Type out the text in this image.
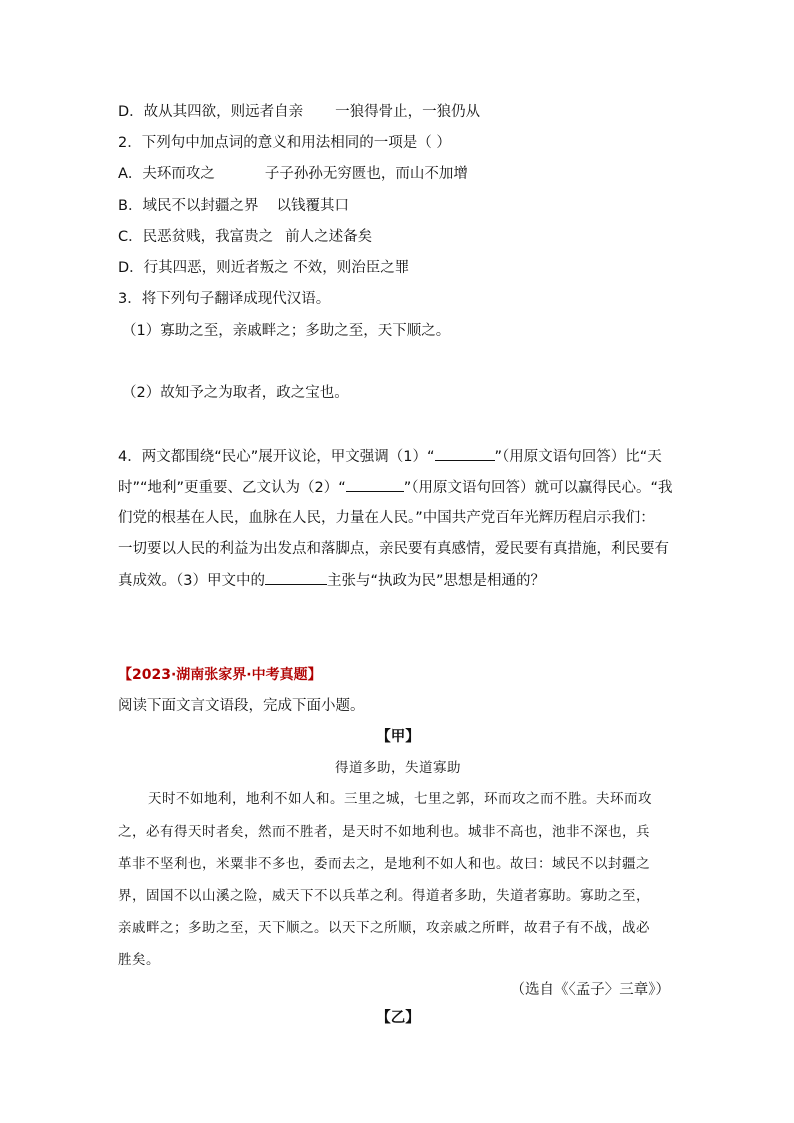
D．故从其四欲，则远者自亲 一狼得骨止，一狼仍从
2．下列句中加点词的意义和用法相同的一项是（ ）
A．夫环而攻之	子子孙孙无穷匮也，而山不加增
B．域民不以封疆之界 以钱覆其口
C．民恶贫贱，我富贵之 前人之述备矣
D．行其四恶，则近者叛之 不效，则治臣之罪
3．将下列句子翻译成现代汉语。
（1）寡助之至，亲戚畔之；多助之至，天下顺之。
（2）故知予之为取者，政之宝也。
4．两文都围绕“民心”展开议论，甲文强调（1）“	”（用原文语句回答）比“天
时”“地利”更重要、乙文认为（2）“	”（用原文语句回答）就可以赢得民心。“我
们党的根基在人民，血脉在人民，力量在人民。”中国共产党百年光辉历程启示我们：
一切要以人民的利益为出发点和落脚点，亲民要有真感情，爱民要有真措施，利民要有
真成效。（3）甲文中的	主张与“执政为民”思想是相通的？
【2023·湖南张家界·中考真题】
阅读下面文言文语段，完成下面小题。
【甲】
得道多助，失道寡助
天时不如地利，地利不如人和。三里之城，七里之郭，环而攻之而不胜。夫环而攻
之，必有得天时者矣，然而不胜者，是天时不如地利也。城非不高也，池非不深也，兵
革非不坚利也，米粟非不多也，委而去之，是地利不如人和也。故曰：域民不以封疆之
界，固国不以山溪之险，威天下不以兵革之利。得道者多助，失道者寡助。寡助之至，
亲戚畔之；多助之至，天下顺之。以天下之所顺，攻亲戚之所畔，故君子有不战，战必
胜矣。
（选自《〈孟子〉三章》）
【乙】
